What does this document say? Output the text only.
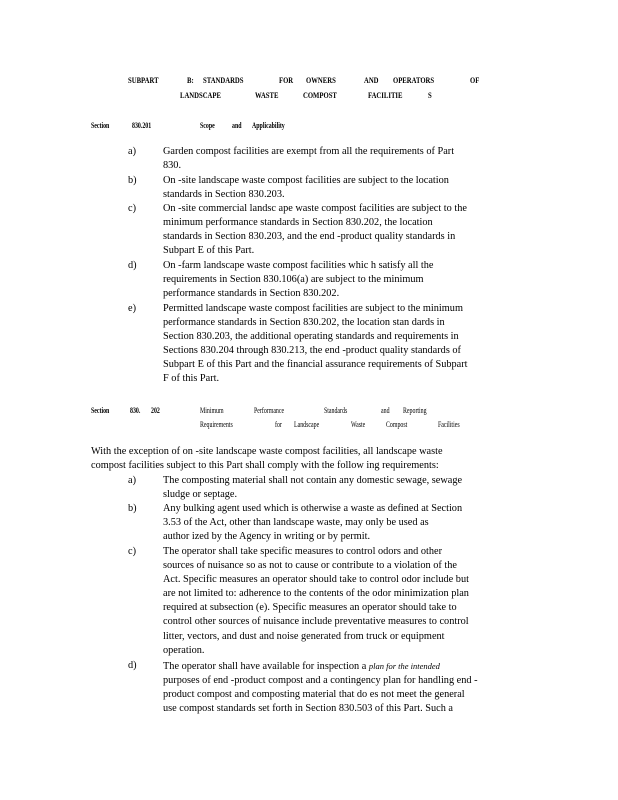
SUBPART	B: STANDARDS	FOR OWNERS	AND OPERATORS	OF
LANDSCAPE	WASTE	COMPOST	FACILITIE	S
Section	830.201	Scope and Applicability
a)	Garden compost facilities are exempt from all the requirements of Part
830.
b)	On -site landscape waste compost facilities are subject to the location
standards in Section 830.203.
c)	On -site commercial landsc ape waste compost facilities are subject to the
minimum performance standards in Section 830.202, the location
standards in Section 830.203, and the end -product quality standards in
Subpart E of this Part.
d)	On -farm landscape waste compost facilities whic h satisfy all the
requirements in Section 830.106(a) are subject to the minimum
performance standards in Section 830.202.
e)	Permitted landscape waste compost facilities are subject to the minimum
performance standards in Section 830.202, the location stan dards in
Section 830.203, the additional operating standards and requirements in
Sections 830.204 through 830.213, the end -product quality standards of
Subpart E of this Part and the financial assurance requirements of Subpart
F of this Part.
Section	830. 202	Minimum	Performance	Standards	and Reporting
Requirements	for Landscape	Waste	Compost	Facilities
With the exception of on -site landscape waste compost facilities, all landscape waste
compost facilities subject to this Part shall comply with the follow ing requirements:
a)	The composting material shall not contain any domestic sewage, sewage
sludge or septage.
b)	Any bulking agent used which is otherwise a waste as defined at Section
3.53 of the Act, other than landscape waste, may only be used as
author ized by the Agency in writing or by permit.
c)	The operator shall take specific measures to control odors and other
sources of nuisance so as not to cause or contribute to a violation of the
Act. Specific measures an operator should take to control odor include but
are not limited to: adherence to the contents of the odor minimization plan
required at subsection (e). Specific measures an operator should take to
control other sources of nuisance include preventative measures to control
litter, vectors, and dust and noise generated from truck or equipment
operation.
d)	The operator shall have available for inspection a plan for the intended
purposes of end -product compost and a contingency plan for handling end -
product compost and composting material that do es not meet the general
use compost standards set forth in Section 830.503 of this Part. Such a
